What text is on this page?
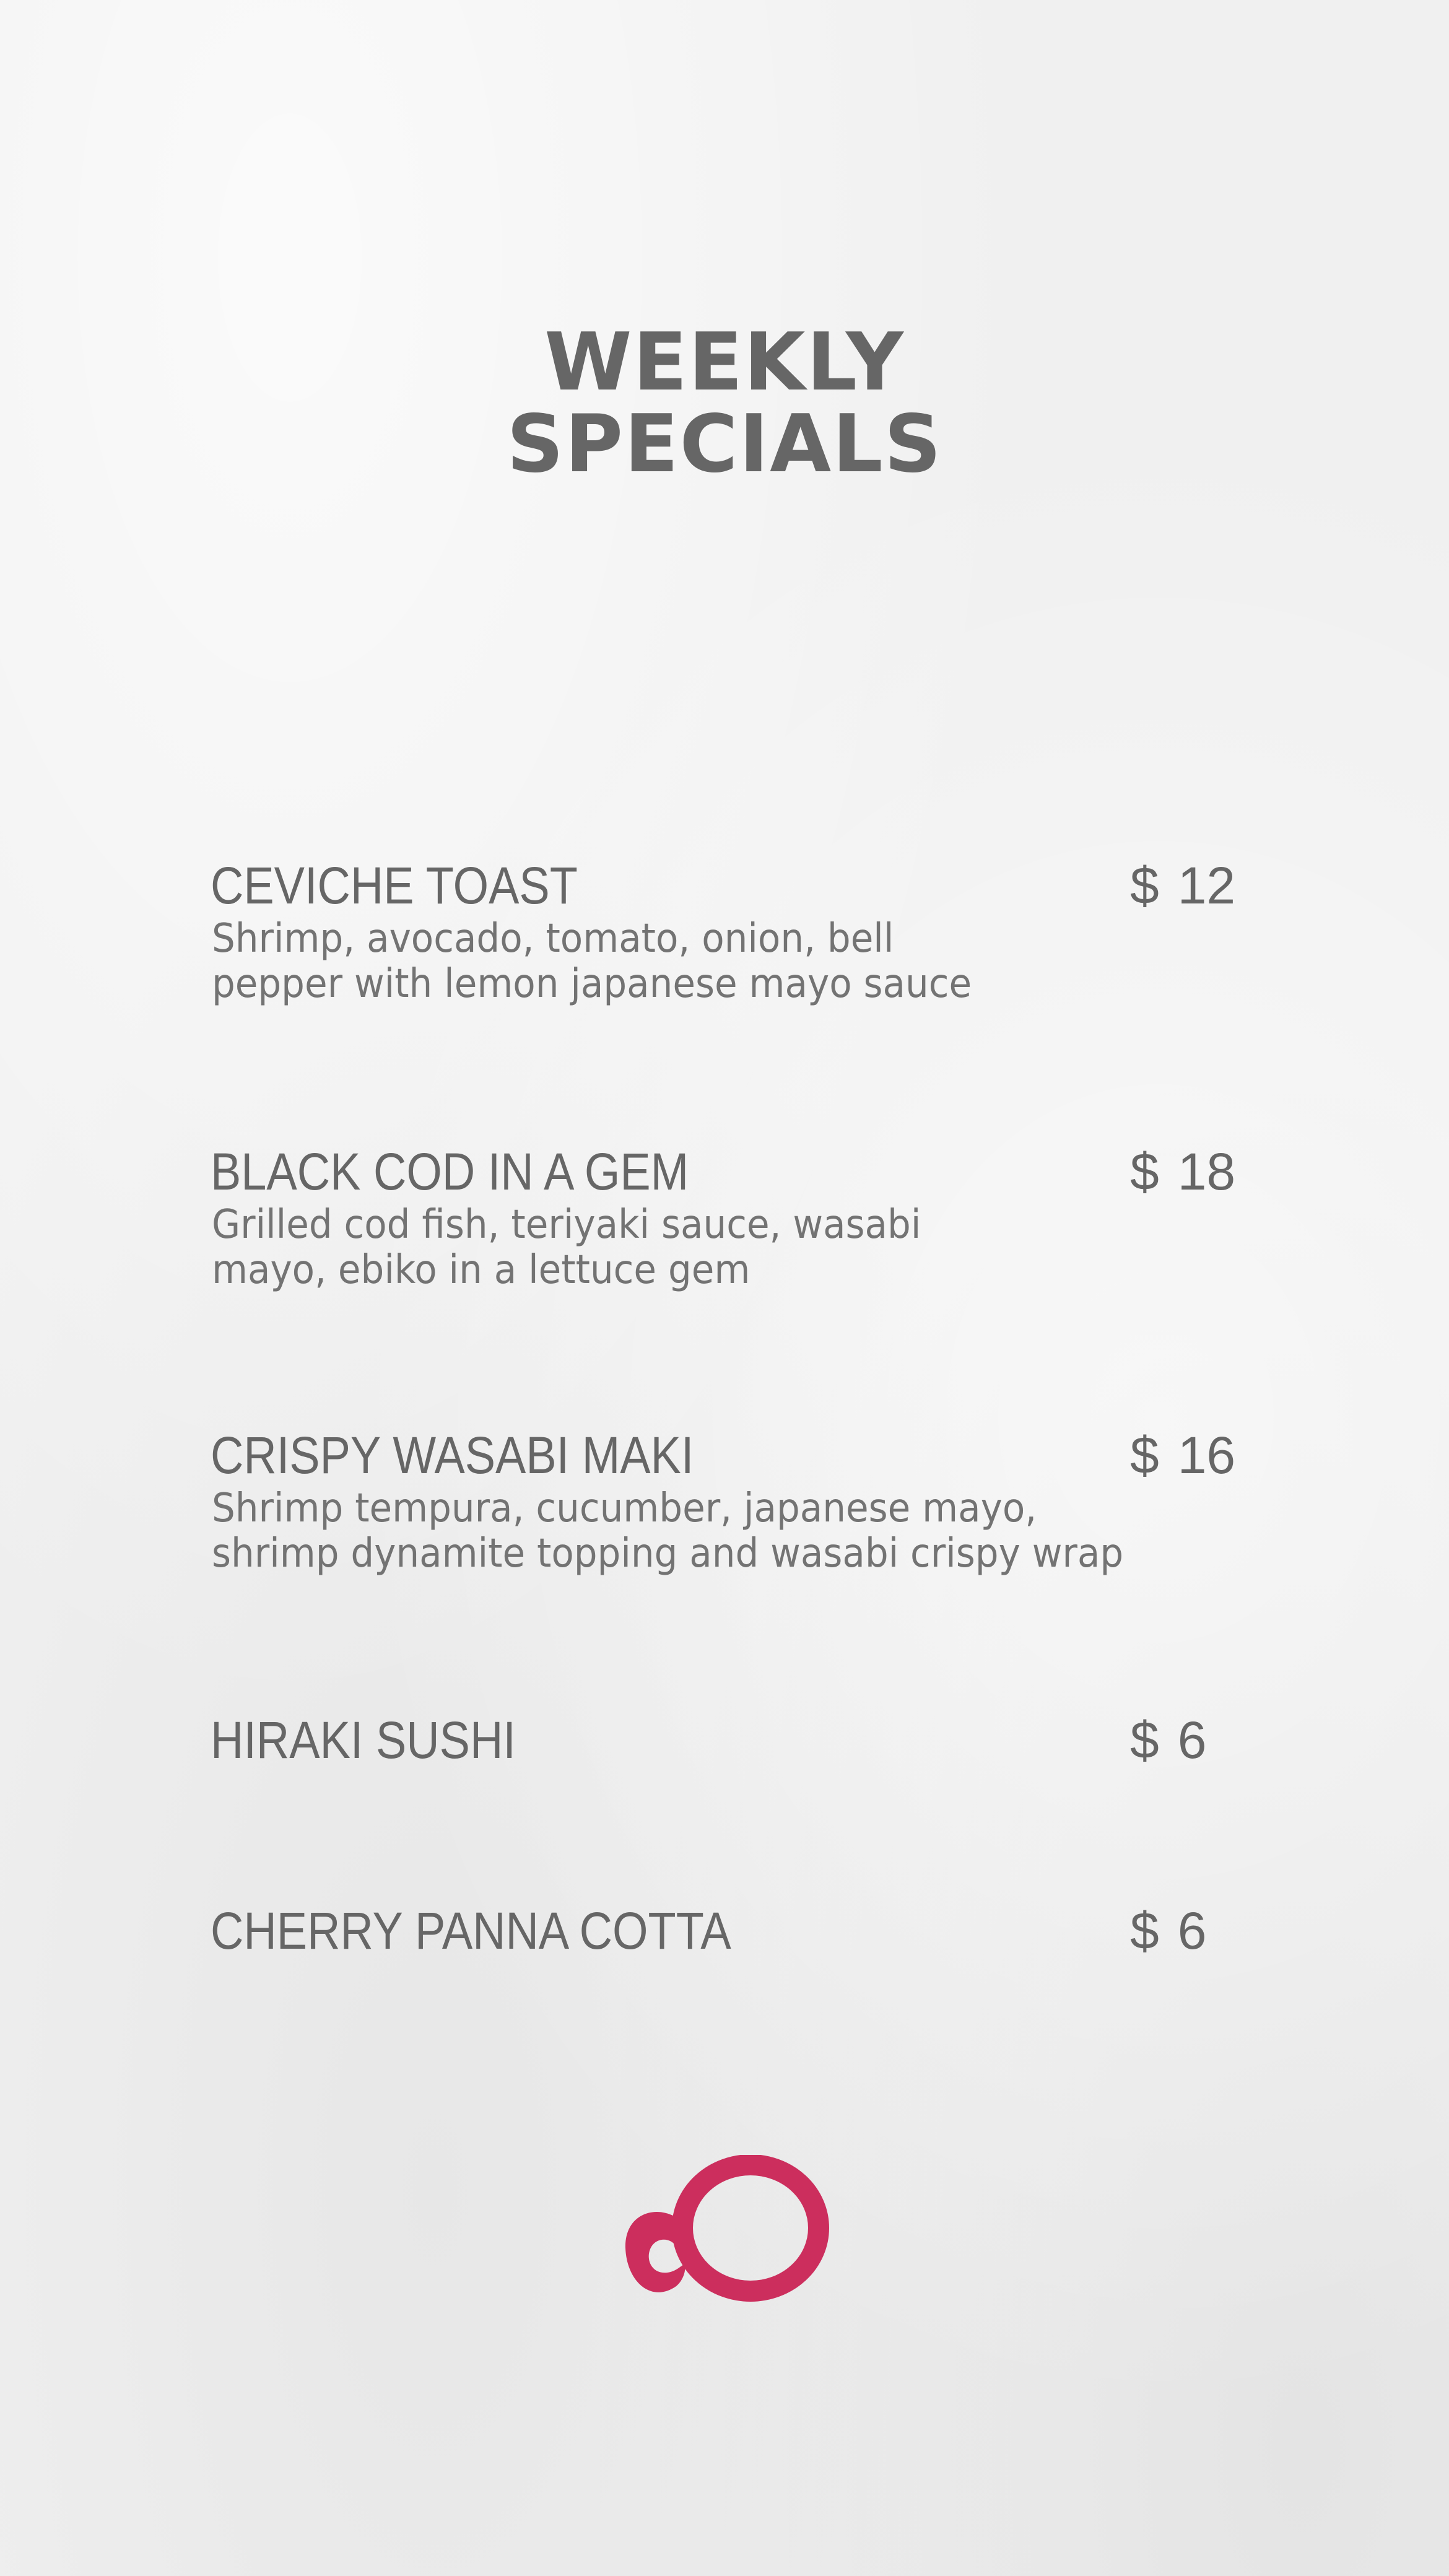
WEEKLY
SPECIALS
CEVICHE TOAST	$ 12
Shrimp, avocado, tomato, onion, bell
pepper with lemon japanese mayo sauce
BLACK COD IN A GEM	$ 18
Grilled cod fish, teriyaki sauce, wasabi
mayo, ebiko in a lettuce gem
CRISPY WASABI MAKI	$ 16
Shrimp tempura, cucumber, japanese mayo,
shrimp dynamite topping and wasabi crispy wrap
HIRAKI SUSHI	$ 6
CHERRY PANNA COTTA	$ 6
